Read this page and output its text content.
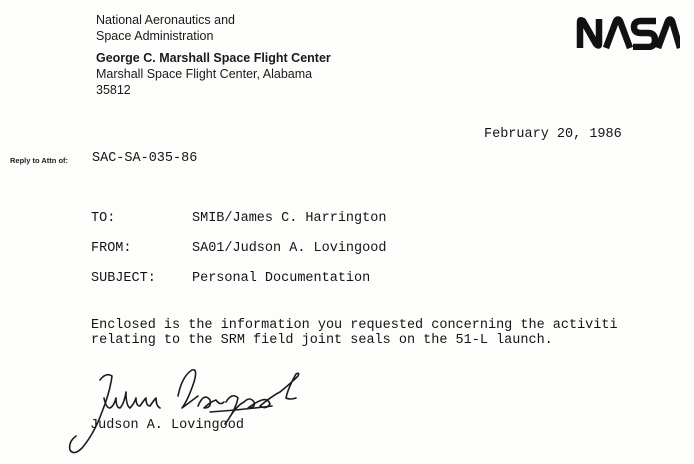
National Aeronautics and
Space Administration
George C. Marshall Space Flight Center
Marshall Space Flight Center, Alabama
35812
February 20, 1986
Reply to Attn of: SAC-SA-035-86
TO:	SMIB/James C. Harrington
FROM:	SA01/Judson A. Lovingood
SUBJECT:	Personal Documentation
Enclosed is the information you requested concerning the activiti
relating to the SRM field joint seals on the 51-L launch.
Judson A. Lovingood
